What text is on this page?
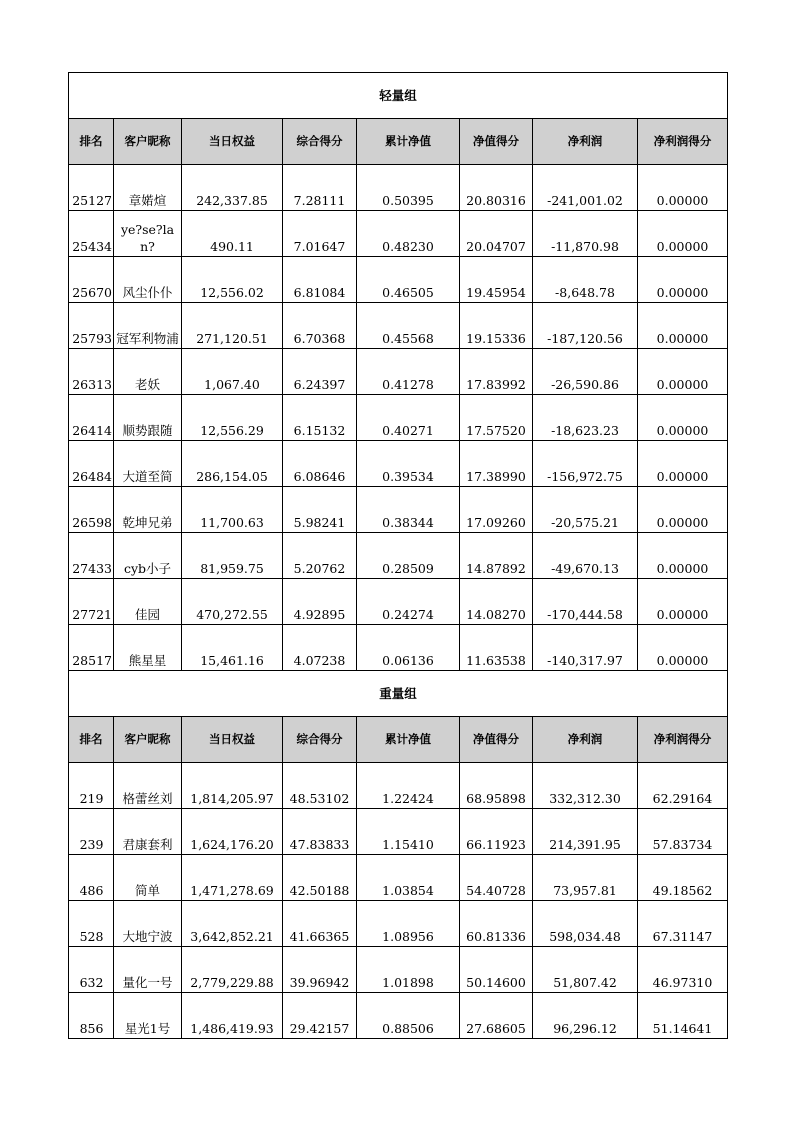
轻量组							
排名	客户昵称	当日权益	综合得分	累计净值	净值得分	净利润	净利润得分
25127	章婼煊	242,337.85	7.28111	0.50395	20.80316	-241,001.02	0.00000
25434	ye?se?lan?	490.11	7.01647	0.48230	20.04707	-11,870.98	0.00000
25670	风尘仆仆	12,556.02	6.81084	0.46505	19.45954	-8,648.78	0.00000
25793	冠军利物浦	271,120.51	6.70368	0.45568	19.15336	-187,120.56	0.00000
26313	老妖	1,067.40	6.24397	0.41278	17.83992	-26,590.86	0.00000
26414	顺势跟随	12,556.29	6.15132	0.40271	17.57520	-18,623.23	0.00000
26484	大道至简	286,154.05	6.08646	0.39534	17.38990	-156,972.75	0.00000
26598	乾坤兄弟	11,700.63	5.98241	0.38344	17.09260	-20,575.21	0.00000
27433	cyb小子	81,959.75	5.20762	0.28509	14.87892	-49,670.13	0.00000
27721	佳园	470,272.55	4.92895	0.24274	14.08270	-170,444.58	0.00000
28517	熊星星	15,461.16	4.07238	0.06136	11.63538	-140,317.97	0.00000
重量组							
排名	客户昵称	当日权益	综合得分	累计净值	净值得分	净利润	净利润得分
219	格蕾丝刘	1,814,205.97	48.53102	1.22424	68.95898	332,312.30	62.29164
239	君康套利	1,624,176.20	47.83833	1.15410	66.11923	214,391.95	57.83734
486	简单	1,471,278.69	42.50188	1.03854	54.40728	73,957.81	49.18562
528	大地宁波	3,642,852.21	41.66365	1.08956	60.81336	598,034.48	67.31147
632	量化一号	2,779,229.88	39.96942	1.01898	50.14600	51,807.42	46.97310
856	星光1号	1,486,419.93	29.42157	0.88506	27.68605	96,296.12	51.14641
